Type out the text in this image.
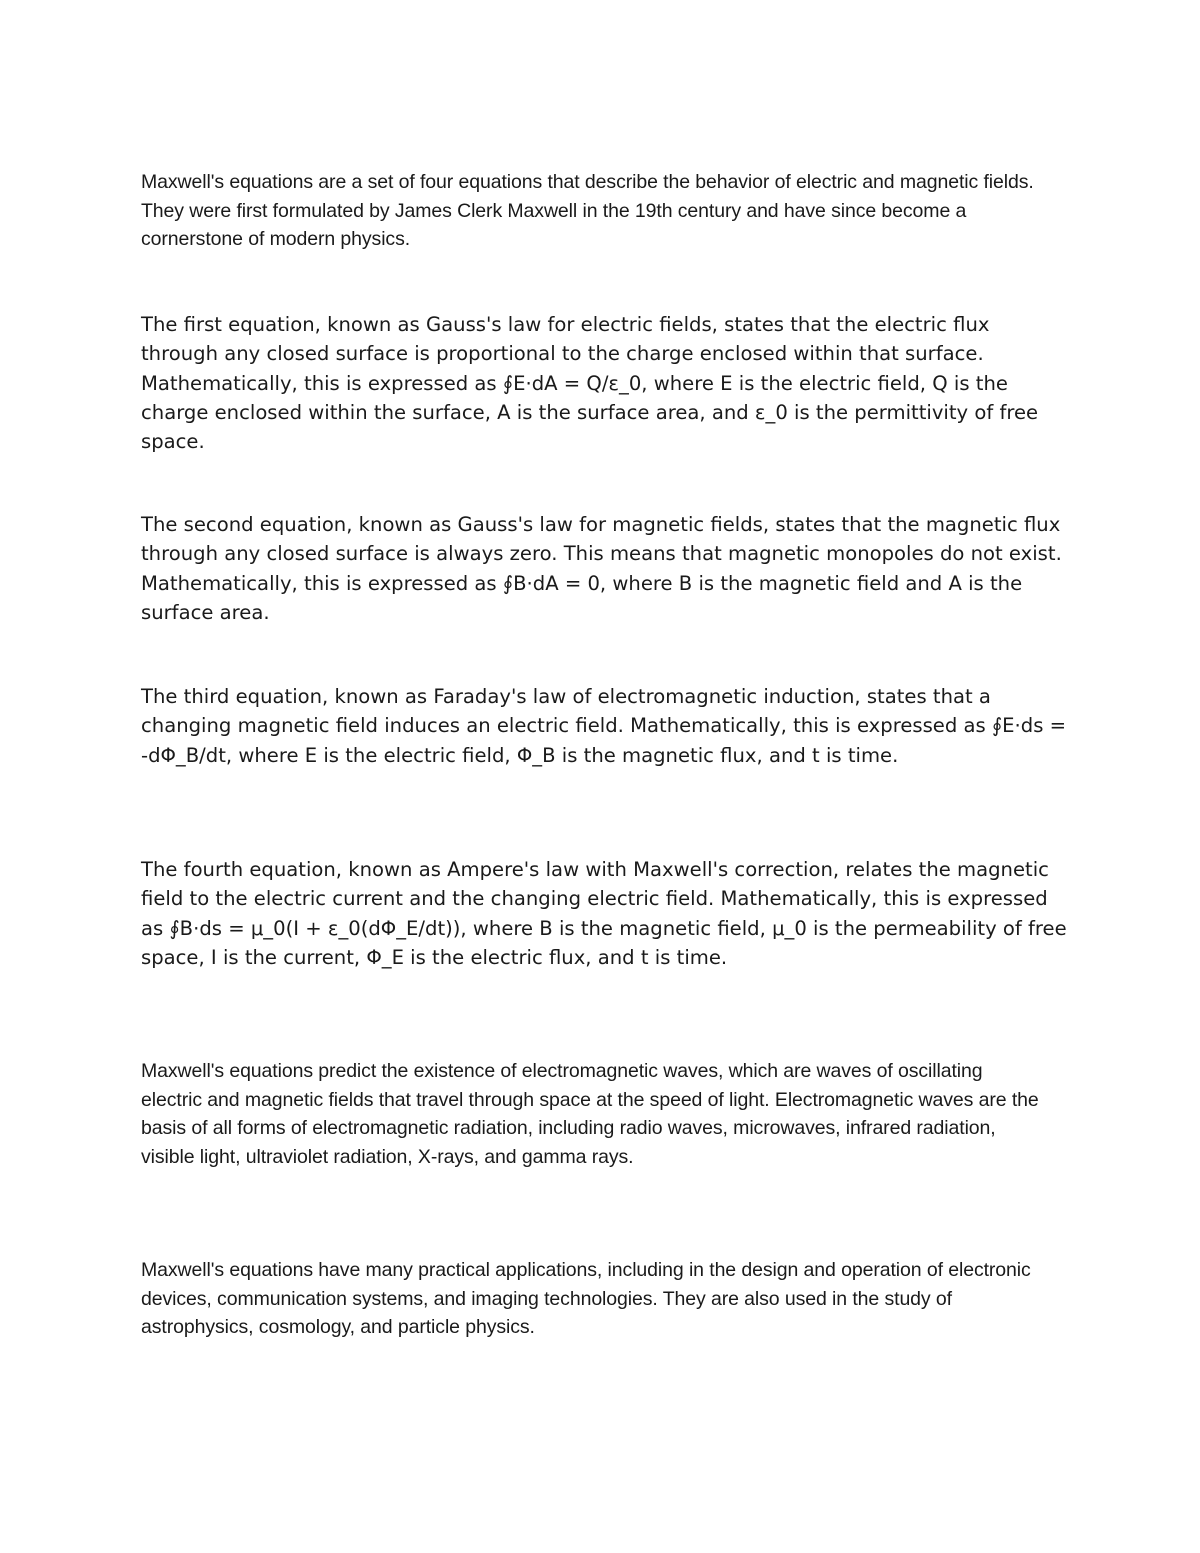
Maxwell's equations are a set of four equations that describe the behavior of electric and magnetic fields. They were first formulated by James Clerk Maxwell in the 19th century and have since become a cornerstone of modern physics.

The first equation, known as Gauss's law for electric fields, states that the electric flux through any closed surface is proportional to the charge enclosed within that surface. Mathematically, this is expressed as ∮E·dA = Q/ε_0, where E is the electric field, Q is the charge enclosed within the surface, A is the surface area, and ε_0 is the permittivity of free space.

The second equation, known as Gauss's law for magnetic fields, states that the magnetic flux through any closed surface is always zero. This means that magnetic monopoles do not exist. Mathematically, this is expressed as ∮B·dA = 0, where B is the magnetic field and A is the surface area.

The third equation, known as Faraday's law of electromagnetic induction, states that a changing magnetic field induces an electric field. Mathematically, this is expressed as ∮E·ds = -dΦ_B/dt, where E is the electric field, Φ_B is the magnetic flux, and t is time.

The fourth equation, known as Ampere's law with Maxwell's correction, relates the magnetic field to the electric current and the changing electric field. Mathematically, this is expressed as ∮B·ds = μ_0(I + ε_0(dΦ_E/dt)), where B is the magnetic field, μ_0 is the permeability of free space, I is the current, Φ_E is the electric flux, and t is time.

Maxwell's equations predict the existence of electromagnetic waves, which are waves of oscillating electric and magnetic fields that travel through space at the speed of light. Electromagnetic waves are the basis of all forms of electromagnetic radiation, including radio waves, microwaves, infrared radiation, visible light, ultraviolet radiation, X-rays, and gamma rays.

Maxwell's equations have many practical applications, including in the design and operation of electronic devices, communication systems, and imaging technologies. They are also used in the study of astrophysics, cosmology, and particle physics.
